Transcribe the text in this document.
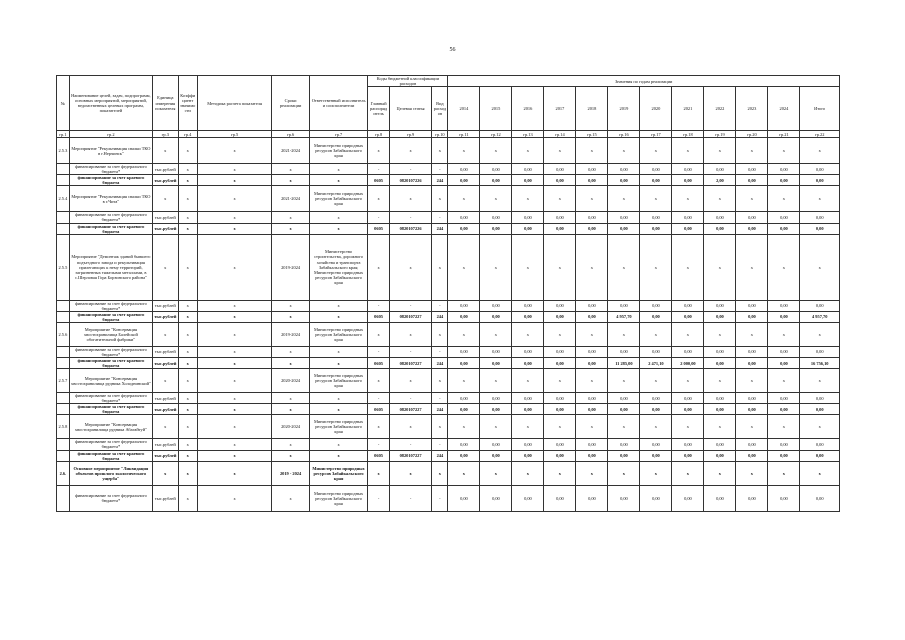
56
№	Наименование целей, задач, подпрограмм, основных мероприятий, мероприятий, ведомственных целевых программ, показателей	Единица измерения показателя	Коэффициент значимости	Методика расчета показателя	Сроки реализации	Ответственный исполнитель и соисполнители	Коды бюджетной классификации расходов			Значения по годам реализации											
							Главный распорядитель	Целевая статья	Вид расходов	2014	2015	2016	2017	2018	2019	2020	2021	2022	2023	2024	Итого
гр.1	гр.2	гр.3	гр.4	гр.5	гр.6	гр.7	гр.8	гр.9	гр.10	гр.11	гр.12	гр.13	гр.14	гр.15	гр.16	гр.17	гр.18	гр.19	гр.20	гр.21	гр.22
2.5.3	Мероприятие "Рекультивация свалки ТКО в г.Нерчинск"	х	х	х	2021-2024	Министерство природных ресурсов Забайкальского края	х	х	х	х	х	х	х	х	х	х	х	х	х	х	х
	финансирование за счет федерального бюджета*	тыс.рублей	х	х	х	х	-	-	-	0,00	0,00	0,00	0,00	0,00	0,00	0,00	0,00	0,00	0,00	0,00	0,00
	финансирование за счет краевого бюджета	тыс.рублей	х	х	х	х	0605	0820107226	244	0,00	0,00	0,00	0,00	0,00	0,00	0,00	0,00	2,00	0,00	0,00	0,00
2.5.4	Мероприятие "Рекультивация свалки ТКО в г.Чита"	х	х	х	2021-2024	Министерство природных ресурсов Забайкальского края	х	х	х	х	х	х	х	х	х	х	х	х	х	х	х
	финансирование за счет федерального бюджета*	тыс.рублей	х	х	х	х	-	-	-	0,00	0,00	0,00	0,00	0,00	0,00	0,00	0,00	0,00	0,00	0,00	0,00
	финансирование за счет краевого бюджета	тыс.рублей	х	х	х	х	0605	0820107226	244	0,00	0,00	0,00	0,00	0,00	0,00	0,00	0,00	0,00	0,00	0,00	0,00
2.5.5	Мероприятие "Демонтаж зданий бывшего подъездного завода и рекультивация прилегающих к нему территорий, загрязненных тяжелыми металлами, в с.Шерловая Гора Борзинского района"	х	х	х	2019-2024	Министерство строительства, дорожного хозяйства и транспорта Забайкальского края; Министерство природных ресурсов Забайкальского края	х	х	х	х	х	х	х	х	х	х	х	х	х	х	х
	финансирование за счет федерального бюджета*	тыс.рублей	х	х	х	х	-	-	-	0,00	0,00	0,00	0,00	0,00	0,00	0,00	0,00	0,00	0,00	0,00	0,00
	финансирование за счет краевого бюджета	тыс.рублей	х	х	х	х	0605	0820107227	244	0,00	0,00	0,00	0,00	0,00	4 957,70	0,00	0,00	0,00	0,00	0,00	4 957,70
2.5.6	Мероприятие "Консервация хвостохранилища Балейской обогатительной фабрики"	х	х	х	2019-2024	Министерство природных ресурсов Забайкальского края	х	х	х	х	х	х	х	х	х	х	х	х	х	х	х
	финансирование за счет федерального бюджета*	тыс.рублей	х	х	х	х	-	-	-	0,00	0,00	0,00	0,00	0,00	0,00	0,00	0,00	0,00	0,00	0,00	0,00
	финансирование за счет краевого бюджета	тыс.рублей	х	х	х	х	0605	0820107227	244	0,00	0,00	0,00	0,00	0,00	11 285,00	2 471,10	2 000,00	0,00	0,00	0,00	16 756,10
2.5.7	Мероприятие "Консервация хвостохранилища рудника Холоднинский"	х	х	х	2020-2024	Министерство природных ресурсов Забайкальского края	х	х	х	х	х	х	х	х	х	х	х	х	х	х	х
	финансирование за счет федерального бюджета*	тыс.рублей	х	х	х	х	-	-	-	0,00	0,00	0,00	0,00	0,00	0,00	0,00	0,00	0,00	0,00	0,00	0,00
	финансирование за счет краевого бюджета	тыс.рублей	х	х	х	х	0605	0820107227	244	0,00	0,00	0,00	0,00	0,00	0,00	0,00	0,00	0,00	0,00	0,00	0,00
2.5.8	Мероприятие "Консервация хвостохранилища рудника Абагайтуй"	х	х	х	2020-2024	Министерство природных ресурсов Забайкальского края	х	х	х	х	х	х	х	х	х	х	х	х	х	х	х
	финансирование за счет федерального бюджета*	тыс.рублей	х	х	х	х	-	-	-	0,00	0,00	0,00	0,00	0,00	0,00	0,00	0,00	0,00	0,00	0,00	0,00
	финансирование за счет краевого бюджета	тыс.рублей	х	х	х	х	0605	0820107227	244	0,00	0,00	0,00	0,00	0,00	0,00	0,00	0,00	0,00	0,00	0,00	0,00
2.6.	Основное мероприятие "Ликвидация объектов прошлого экологического ущерба"	х	х	х	2019 - 2024	Министерство природных ресурсов Забайкальского края	х	х	х	х	х	х	х	х	х	х	х	х	х	х	х
	финансирование за счет федерального бюджета*	тыс.рублей	х	х	х	Министерство природных ресурсов Забайкальского края	-	-	-	0,00	0,00	0,00	0,00	0,00	0,00	0,00	0,00	0,00	0,00	0,00	0,00
